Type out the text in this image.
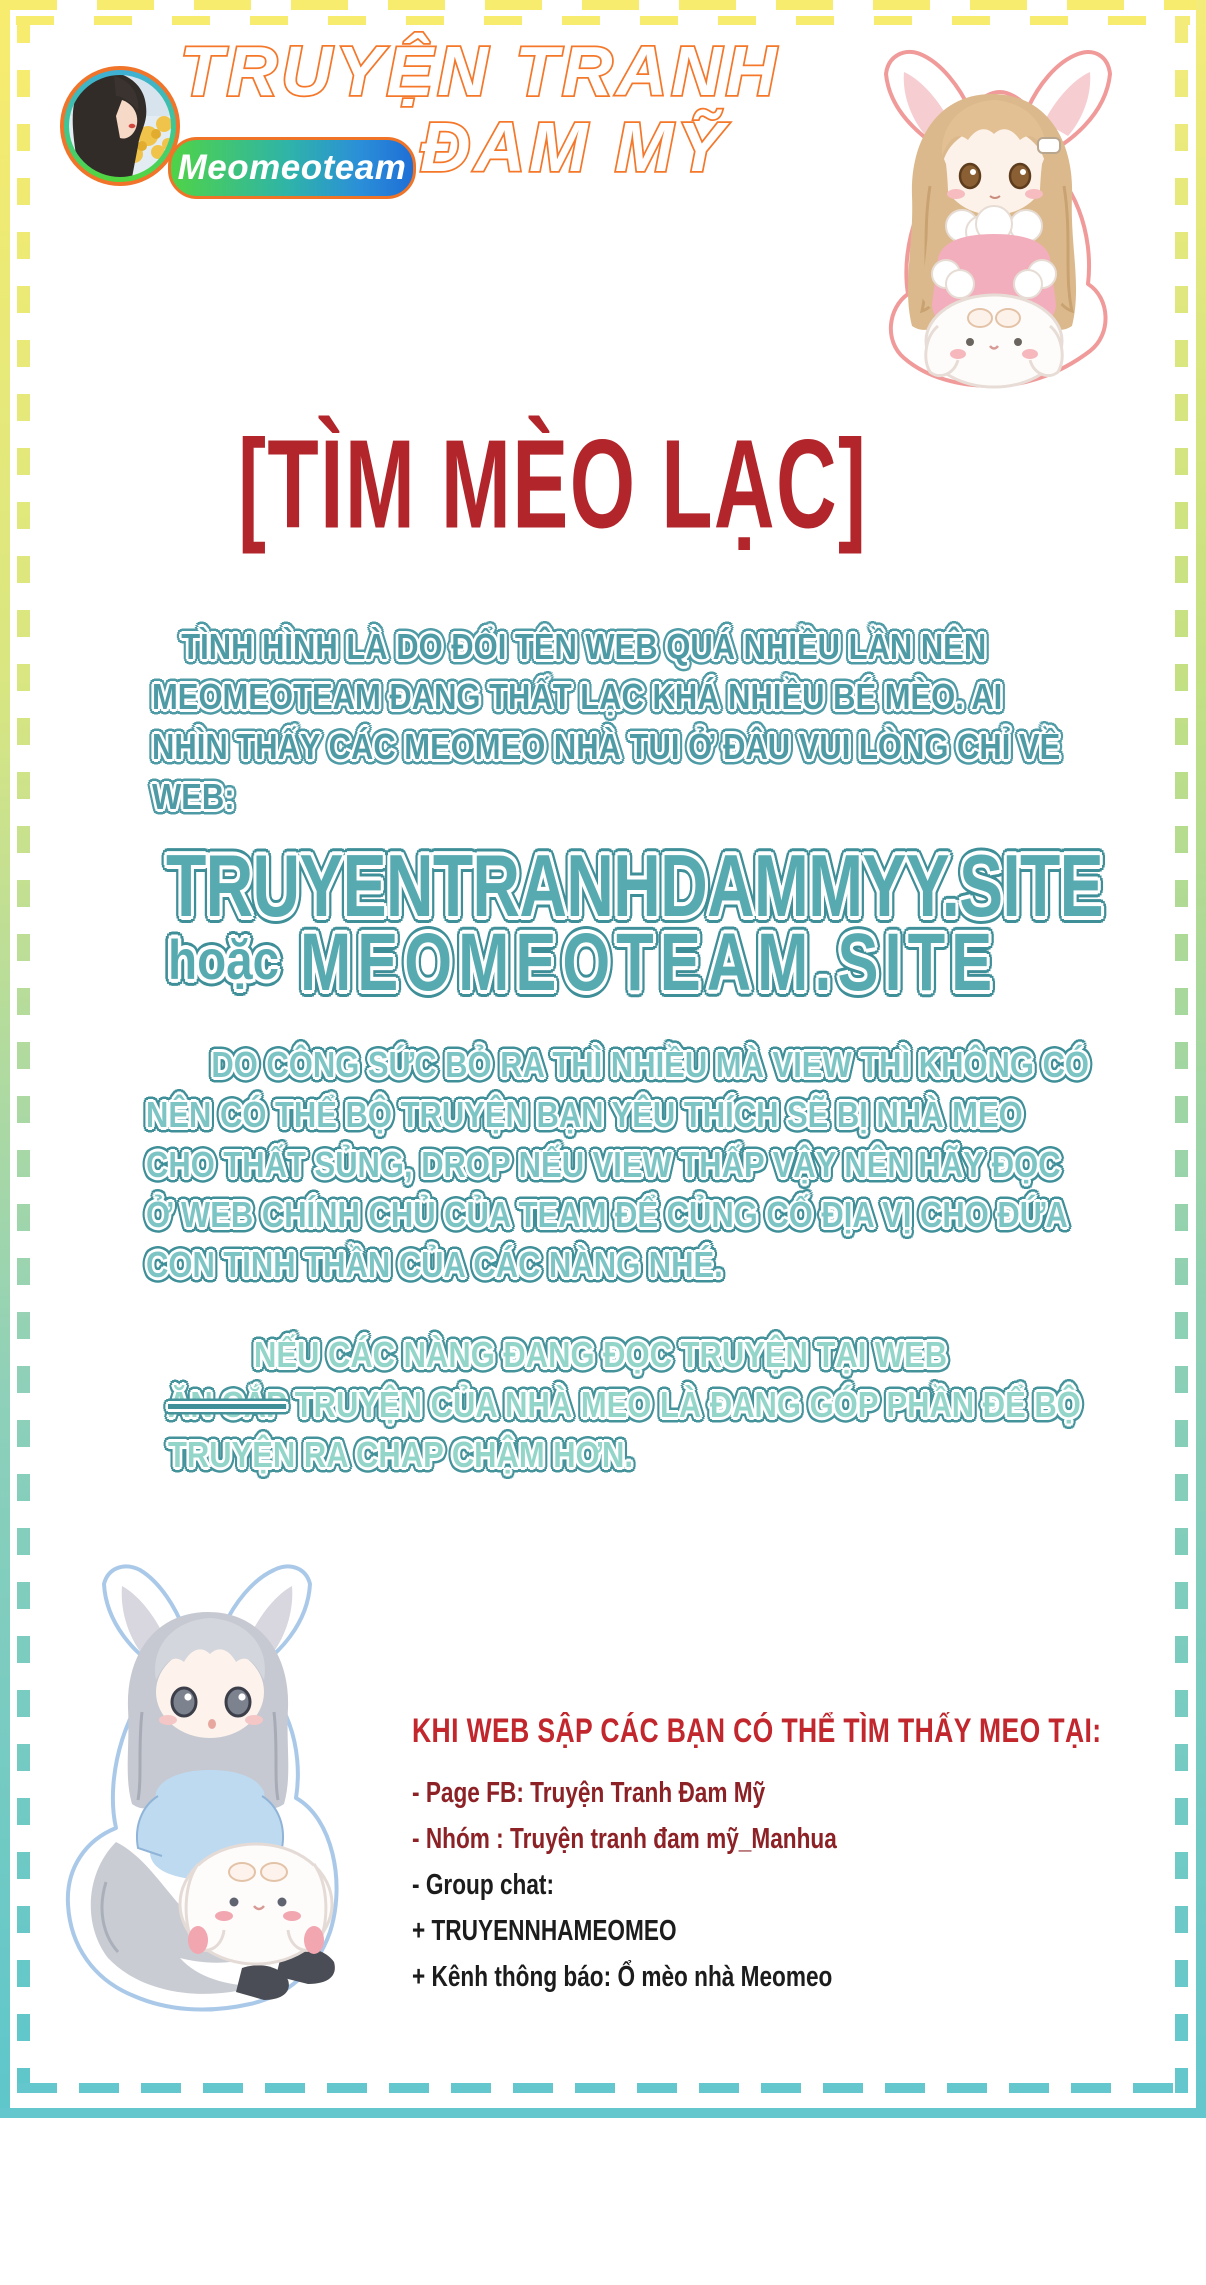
TRUYỆN TRANH
ĐAM MỸ
Meomeoteam
[TÌM MÈO LẠC]
TÌNH HÌNH LÀ DO ĐỔI TÊN WEB QUÁ NHIỀU LẦN NÊN
MEOMEOTEAM ĐANG THẤT LẠC KHÁ NHIỀU BÉ MÈO. AI
NHÌN THẤY CÁC MEOMEO NHÀ TUI Ở ĐÂU VUI LÒNG CHỈ VỀ
WEB:
TRUYENTRANHDAMMYY.SITE
hoặc MEOMEOTEAM.SITE
DO CÔNG SỨC BỎ RA THÌ NHIỀU MÀ VIEW THÌ KHÔNG CÓ
NÊN CÓ THỂ BỘ TRUYỆN BẠN YÊU THÍCH SẼ BỊ NHÀ MEO
CHO THẤT SỦNG, DROP NẾU VIEW THẤP VẬY NÊN HÃY ĐỌC
Ở WEB CHÍNH CHỦ CỦA TEAM ĐỂ CỦNG CỐ ĐỊA VỊ CHO ĐỨA
CON TINH THẦN CỦA CÁC NÀNG NHÉ.
NẾU CÁC NÀNG ĐANG ĐỌC TRUYỆN TẠI WEB
ĂN CẮP TRUYỆN CỦA NHÀ MEO LÀ ĐANG GÓP PHẦN ĐỂ BỘ
TRUYỆN RA CHAP CHẬM HƠN.
KHI WEB SẬP CÁC BẠN CÓ THỂ TÌM THẤY MEO TẠI:
- Page FB: Truyện Tranh Đam Mỹ
- Nhóm : Truyện tranh đam mỹ_Manhua
- Group chat:
+ TRUYENNHAMEOMEO
+ Kênh thông báo: Ổ mèo nhà Meomeo
